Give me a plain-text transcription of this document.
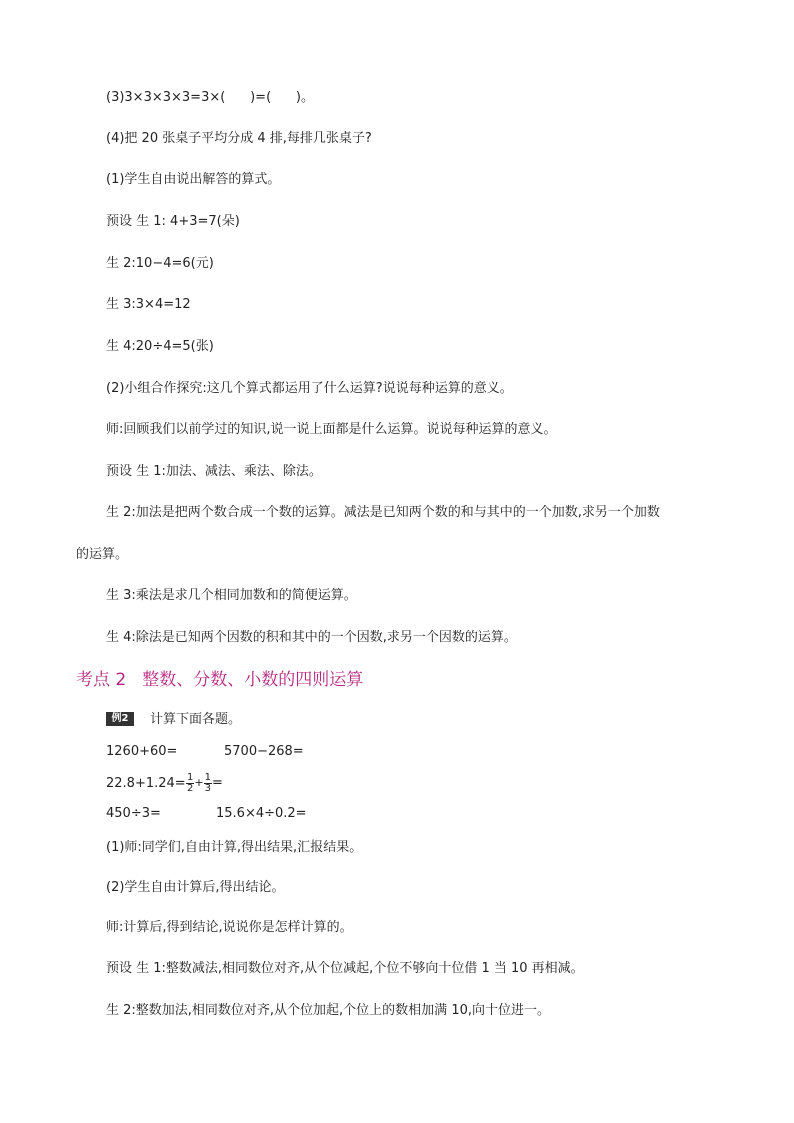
(3)3×3×3×3=3×(      )=(      )。
(4)把 20 张桌子平均分成 4 排,每排几张桌子?
(1)学生自由说出解答的算式。
预设 生 1: 4+3=7(朵)
生 2:10−4=6(元)
生 3:3×4=12
生 4:20÷4=5(张)
(2)小组合作探究:这几个算式都运用了什么运算?说说每种运算的意义。
师:回顾我们以前学过的知识,说一说上面都是什么运算。说说每种运算的意义。
预设 生 1:加法、减法、乘法、除法。
生 2:加法是把两个数合成一个数的运算。减法是已知两个数的和与其中的一个加数,求另一个加数
的运算。
生 3:乘法是求几个相同加数和的简便运算。
生 4:除法是已知两个因数的积和其中的一个因数,求另一个因数的运算。
考点 2 整数、分数、小数的四则运算
例2	计算下面各题。
1260+60=	5700−268=
$22.8+1.24= \frac{1}{2} + \frac{1}{3}$ =
450÷3=	15.6×4÷0.2=
(1)师:同学们,自由计算,得出结果,汇报结果。
(2)学生自由计算后,得出结论。
师:计算后,得到结论,说说你是怎样计算的。
预设 生 1:整数减法,相同数位对齐,从个位减起,个位不够向十位借 1 当 10 再相减。
生 2:整数加法,相同数位对齐,从个位加起,个位上的数相加满 10,向十位进一。
